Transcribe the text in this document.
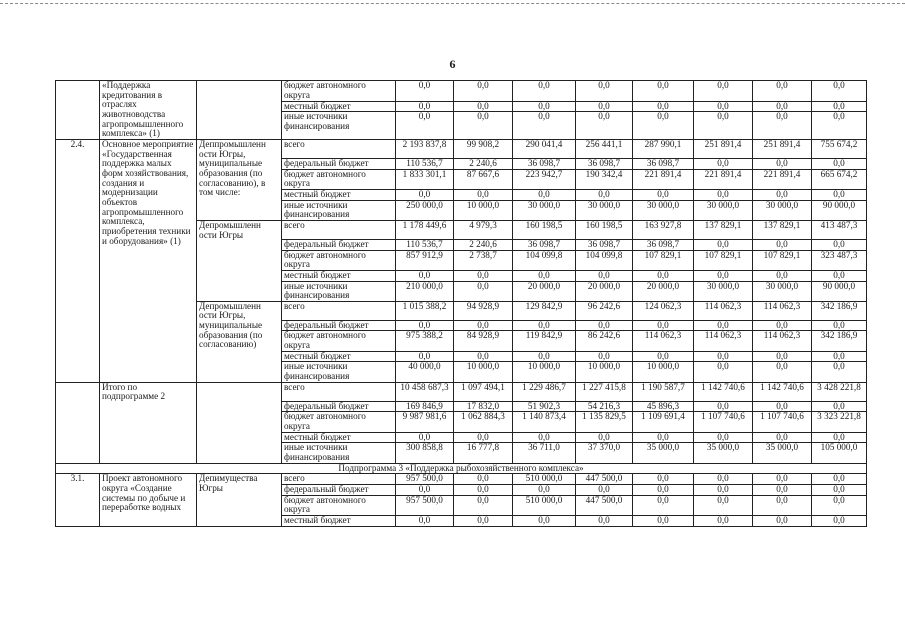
6
	«Поддержка кредитования в отраслях животноводства агропромышленного комплекса» (1)		бюджет автономного округа	0,0	0,0	0,0	0,0	0,0	0,0	0,0	0,0
			местный бюджет	0,0	0,0	0,0	0,0	0,0	0,0	0,0	0,0
			иные источники финансирования	0,0	0,0	0,0	0,0	0,0	0,0	0,0	0,0
2.4.	Основное мероприятие «Государственная поддержка малых форм хозяйствования, создания и модернизации объектов агропромышленного комплекса, приобретения техники и оборудования» (1)	Деппромышленн ости Югры, муниципальные образования (по согласованию), в том числе:	всего	2 193 837,8	99 908,2	290 041,4	256 441,1	287 990,1	251 891,4	251 891,4	755 674,2
			федеральный бюджет	110 536,7	2 240,6	36 098,7	36 098,7	36 098,7	0,0	0,0	0,0
			бюджет автономного округа	1 833 301,1	87 667,6	223 942,7	190 342,4	221 891,4	221 891,4	221 891,4	665 674,2
			местный бюджет	0,0	0,0	0,0	0,0	0,0	0,0	0,0	0,0
			иные источники финансирования	250 000,0	10 000,0	30 000,0	30 000,0	30 000,0	30 000,0	30 000,0	90 000,0
		Депромышленн ости Югры	всего	1 178 449,6	4 979,3	160 198,5	160 198,5	163 927,8	137 829,1	137 829,1	413 487,3
			федеральный бюджет	110 536,7	2 240,6	36 098,7	36 098,7	36 098,7	0,0	0,0	0,0
			бюджет автономного округа	857 912,9	2 738,7	104 099,8	104 099,8	107 829,1	107 829,1	107 829,1	323 487,3
			местный бюджет	0,0	0,0	0,0	0,0	0,0	0,0	0,0	0,0
			иные источники финансирования	210 000,0	0,0	20 000,0	20 000,0	20 000,0	30 000,0	30 000,0	90 000,0
		Депромышленн ости Югры, муниципальные образования (по согласованию)	всего	1 015 388,2	94 928,9	129 842,9	96 242,6	124 062,3	114 062,3	114 062,3	342 186,9
			федеральный бюджет	0,0	0,0	0,0	0,0	0,0	0,0	0,0	0,0
			бюджет автономного округа	975 388,2	84 928,9	119 842,9	86 242,6	114 062,3	114 062,3	114 062,3	342 186,9
			местный бюджет	0,0	0,0	0,0	0,0	0,0	0,0	0,0	0,0
			иные источники финансирования	40 000,0	10 000,0	10 000,0	10 000,0	10 000,0	0,0	0,0	0,0
	Итого по подпрограмме 2		всего	10 458 687,3	1 097 494,1	1 229 486,7	1 227 415,8	1 190 587,7	1 142 740,6	1 142 740,6	3 428 221,8
			федеральный бюджет	169 846,9	17 832,0	51 902,3	54 216,3	45 896,3	0,0	0,0	0,0
			бюджет автономного округа	9 987 981,6	1 062 884,3	1 140 873,4	1 135 829,5	1 109 691,4	1 107 740,6	1 107 740,6	3 323 221,8
			местный бюджет	0,0	0,0	0,0	0,0	0,0	0,0	0,0	0,0
			иные источники финансирования	300 858,8	16 777,8	36 711,0	37 370,0	35 000,0	35 000,0	35 000,0	105 000,0
Подпрограмма 3 «Поддержка рыбохозяйственного комплекса»											
3.1.	Проект автономного округа «Создание системы по добыче и переработке водных	Депимущества Югры	всего	957 500,0	0,0	510 000,0	447 500,0	0,0	0,0	0,0	0,0
			федеральный бюджет	0,0	0,0	0,0	0,0	0,0	0,0	0,0	0,0
			бюджет автономного округа	957 500,0	0,0	510 000,0	447 500,0	0,0	0,0	0,0	0,0
			местный бюджет	0,0	0,0	0,0	0,0	0,0	0,0	0,0	0,0
